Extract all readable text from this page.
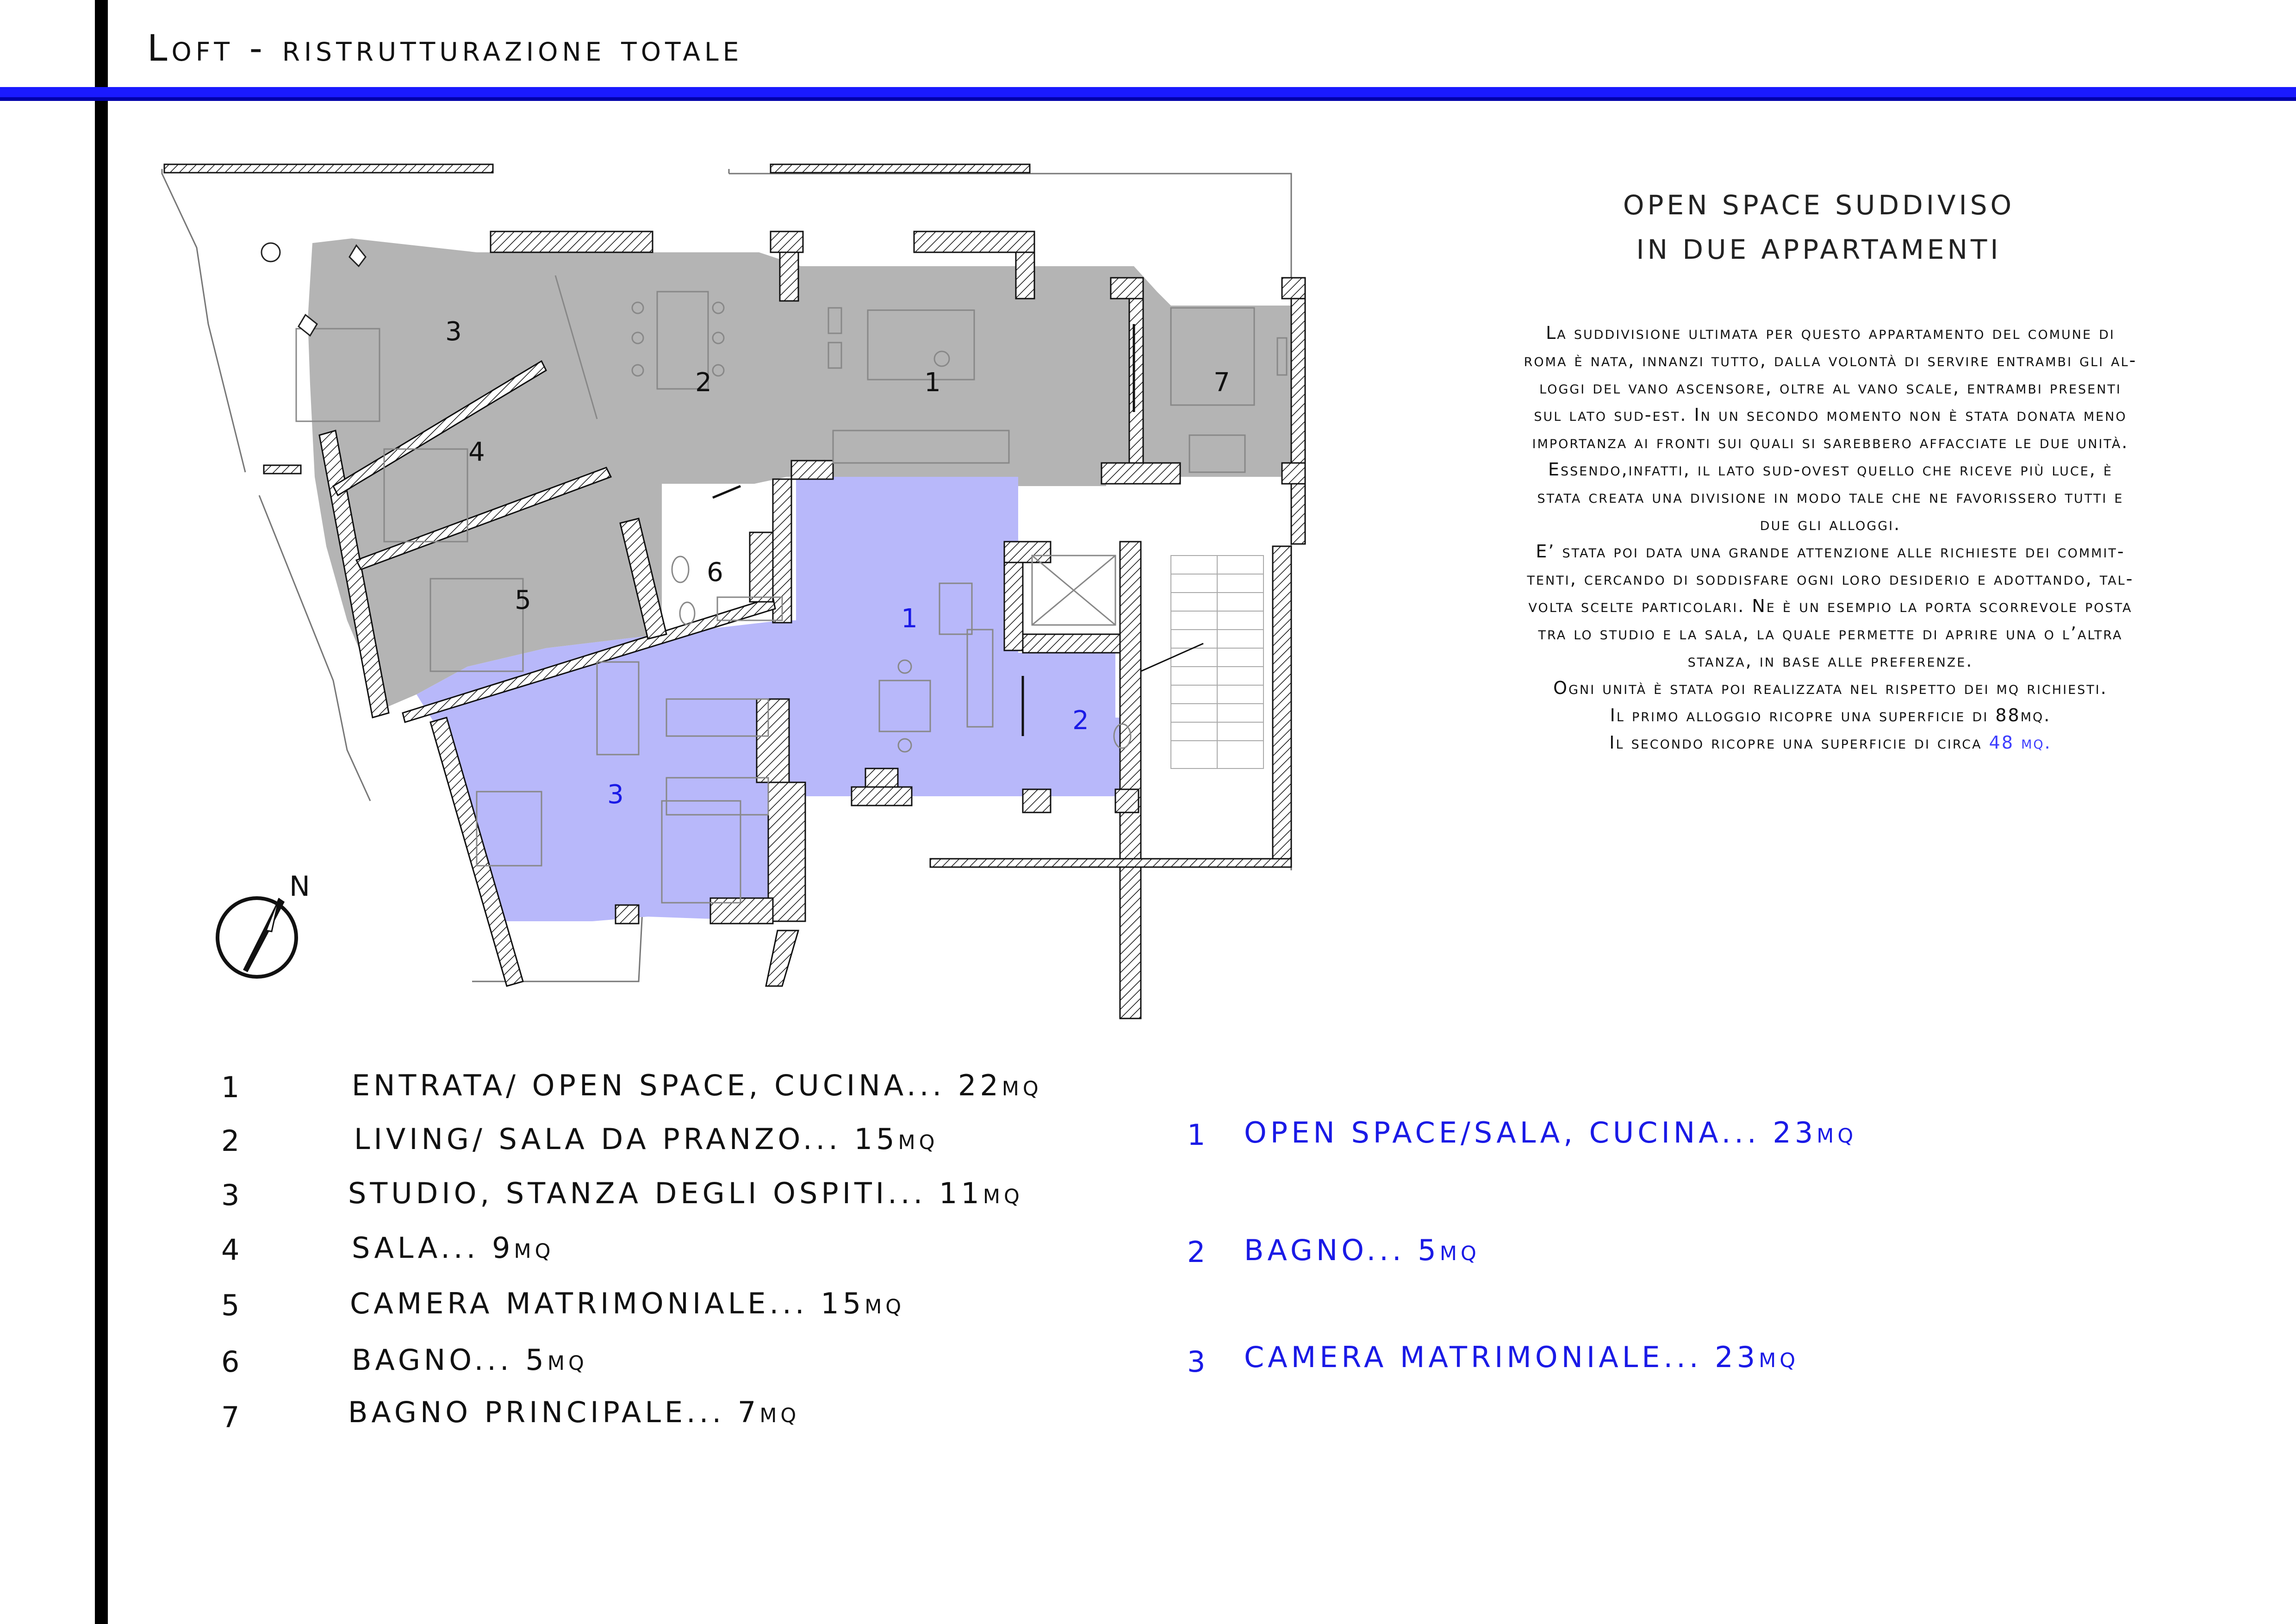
Loft - ristrutturazione totale
3
2	1	7
4
6
5
1
2
3
N
OPEN SPACE SUDDIVISO
IN DUE APPARTAMENTI

La suddivisione ultimata per questo appartamento del comune di

roma è nata, innanzi tutto, dalla volontà di servire entrambi gli al-

loggi del vano ascensore, oltre al vano scale, entrambi presenti

sul lato sud-est. In un secondo momento non è stata donata meno

importanza ai fronti sui quali si sarebbero affacciate le due unità.

Essendo,infatti, il lato sud-ovest quello che riceve più luce, è

stata creata una divisione in modo tale che ne favorissero tutti e

due gli alloggi.

E’ stata poi data una grande attenzione alle richieste dei commit-

tenti, cercando di soddisfare ogni loro desiderio e adottando, tal-

volta scelte particolari. Ne è un esempio la porta scorrevole posta

tra lo studio e la sala, la quale permette di aprire una o l’altra

stanza, in base alle preferenze.

Ogni unità è stata poi realizzata nel rispetto dei mq richiesti.

Il primo alloggio ricopre una superficie di 88mq.

Il secondo ricopre una superficie di circa 48 mq.

1	ENTRATA/ OPEN SPACE, CUCINA... 22mq
2	LIVING/ SALA DA PRANZO... 15mq
3	STUDIO, STANZA DEGLI OSPITI... 11mq
4	SALA... 9mq
5	CAMERA MATRIMONIALE... 15mq
6	BAGNO... 5mq
7	BAGNO PRINCIPALE... 7mq
1 OPEN SPACE/SALA, CUCINA... 23mq
2 BAGNO... 5mq
3 CAMERA MATRIMONIALE... 23mq
